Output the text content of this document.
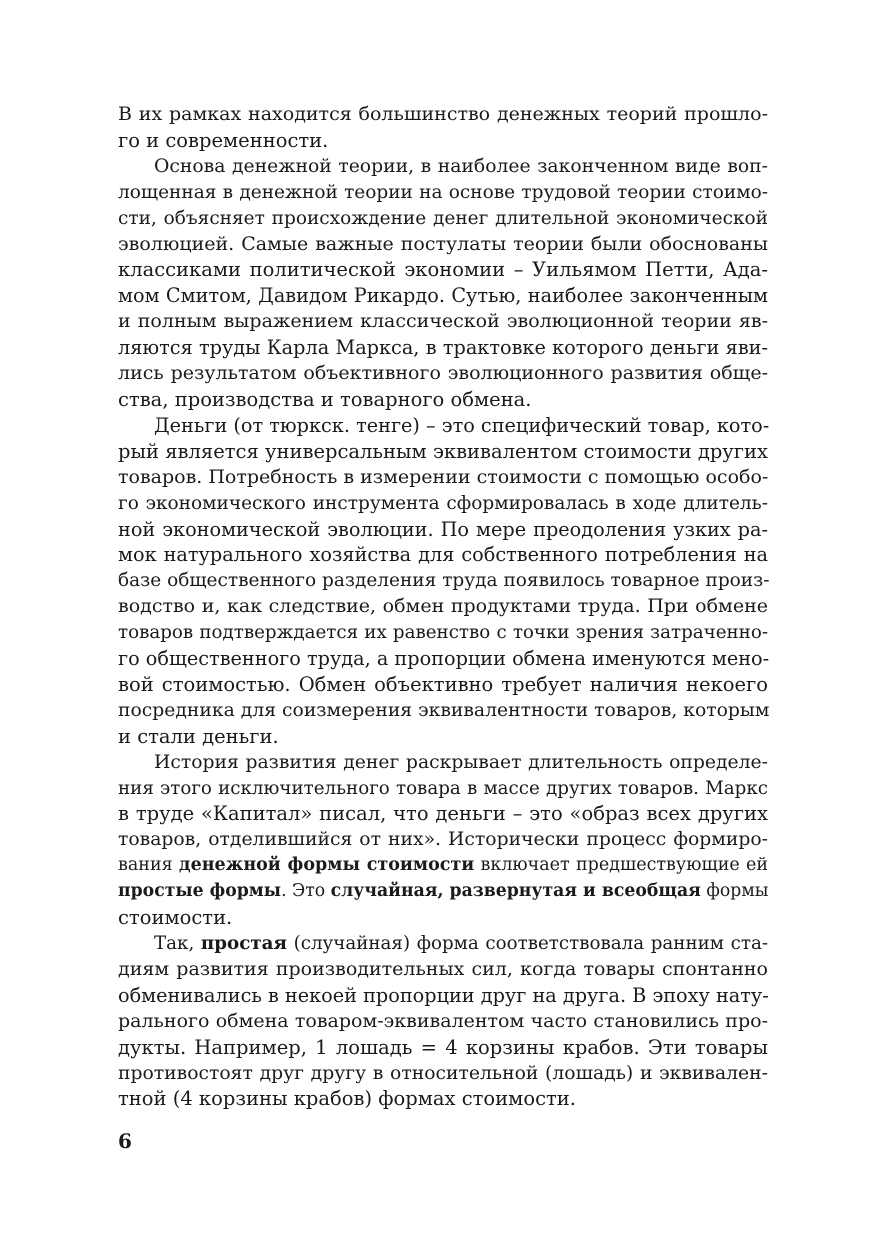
В их рамках находится большинство денежных теорий прошло-
го и современности.
Основа денежной теории, в наиболее законченном виде воп-
лощенная в денежной теории на основе трудовой теории стоимо-
сти, объясняет происхождение денег длительной экономической
эволюцией. Самые важные постулаты теории были обоснованы
классиками политической экономии – Уильямом Петти, Ада-
мом Смитом, Давидом Рикардо. Сутью, наиболее законченным
и полным выражением классической эволюционной теории яв-
ляются труды Карла Маркса, в трактовке которого деньги яви-
лись результатом объективного эволюционного развития обще-
ства, производства и товарного обмена.
Деньги (от тюркск. тенге) – это специфический товар, кото-
рый является универсальным эквивалентом стоимости других
товаров. Потребность в измерении стоимости с помощью особо-
го экономического инструмента сформировалась в ходе длитель-
ной экономической эволюции. По мере преодоления узких ра-
мок натурального хозяйства для собственного потребления на
базе общественного разделения труда появилось товарное произ-
водство и, как следствие, обмен продуктами труда. При обмене
товаров подтверждается их равенство с точки зрения затраченно-
го общественного труда, а пропорции обмена именуются мено-
вой стоимостью. Обмен объективно требует наличия некоего
посредника для соизмерения эквивалентности товаров, которым
и стали деньги.
История развития денег раскрывает длительность определе-
ния этого исключительного товара в массе других товаров. Маркс
в труде «Капитал» писал, что деньги – это «образ всех других
товаров, отделившийся от них». Исторически процесс формиро-
вания денежной формы стоимости включает предшествующие ей
простые формы. Это случайная, развернутая и всеобщая формы
стоимости.
Так, простая (случайная) форма соответствовала ранним ста-
диям развития производительных сил, когда товары спонтанно
обменивались в некоей пропорции друг на друга. В эпоху нату-
рального обмена товаром-эквивалентом часто становились про-
дукты. Например, 1 лошадь = 4 корзины крабов. Эти товары
противостоят друг другу в относительной (лошадь) и эквивален-
тной (4 корзины крабов) формах стоимости.
6
